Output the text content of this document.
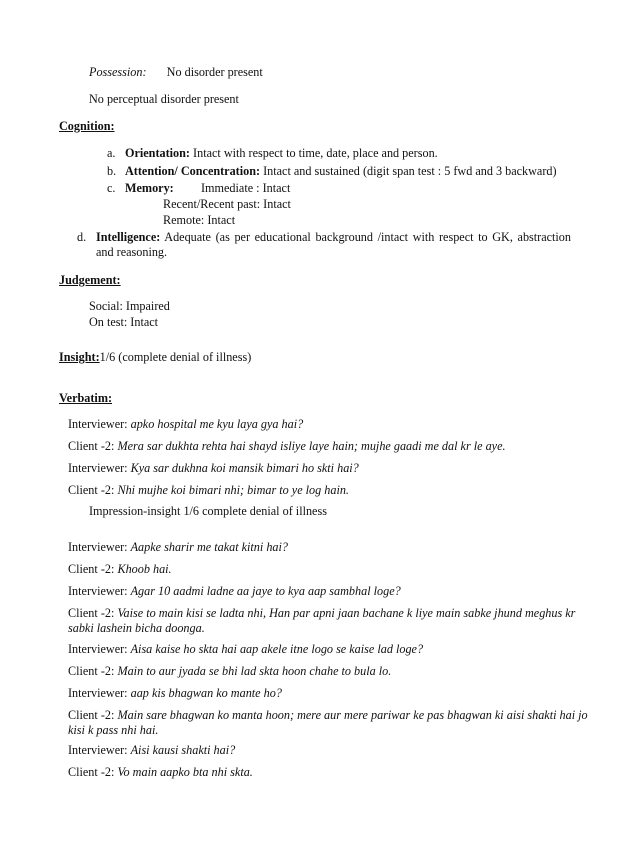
Possession: No disorder present
No perceptual disorder present
Cognition:
a. Orientation: Intact with respect to time, date, place and person.
b. Attention/ Concentration: Intact and sustained (digit span test : 5 fwd and 3 backward)
c. Memory: Immediate : Intact
Recent/Recent past: Intact
Remote: Intact
d. Intelligence: Adequate (as per educational background /intact with respect to GK, abstraction and reasoning.
Judgement:
Social: Impaired
On test: Intact
Insight:1/6 (complete denial of illness)
Verbatim:
Interviewer: apko hospital me kyu laya gya hai?
Client -2: Mera sar dukhta rehta hai shayd isliye laye hain; mujhe gaadi me dal kr le aye.
Interviewer: Kya sar dukhna koi mansik bimari ho skti hai?
Client -2: Nhi mujhe koi bimari nhi; bimar to ye log hain.
Impression-insight 1/6 complete denial of illness
Interviewer: Aapke sharir me takat kitni hai?
Client -2: Khoob hai.
Interviewer: Agar 10 aadmi ladne aa jaye to kya aap sambhal loge?
Client -2: Vaise to main kisi se ladta nhi, Han par apni jaan bachane k liye main sabke jhund meghus kr sabki lashein bicha doonga.
Interviewer: Aisa kaise ho skta hai aap akele itne logo se kaise lad loge?
Client -2: Main to aur jyada se bhi lad skta hoon chahe to bula lo.
Interviewer: aap kis bhagwan ko mante ho?
Client -2: Main sare bhagwan ko manta hoon; mere aur mere pariwar ke pas bhagwan ki aisi shakti hai jo kisi k pass nhi hai.
Interviewer: Aisi kausi shakti hai?
Client -2: Vo main aapko bta nhi skta.
